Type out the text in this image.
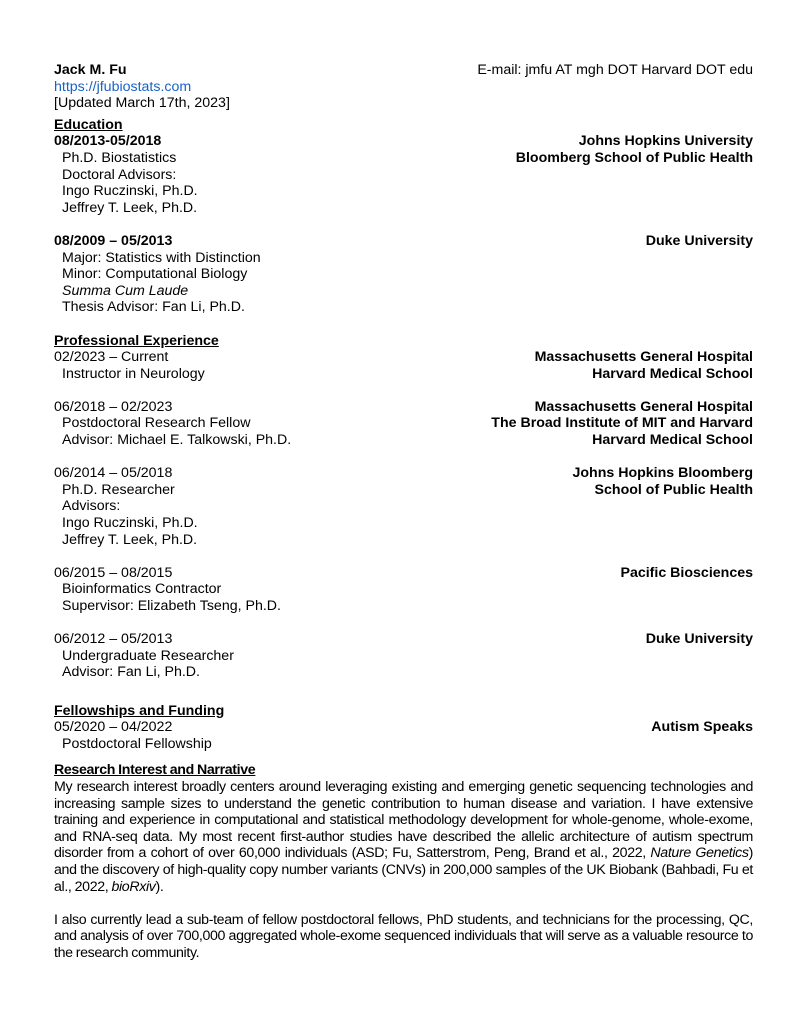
Jack M. Fu
https://jfubiostats.com
[Updated March 17th, 2023]
E-mail: jmfu AT mgh DOT Harvard DOT edu
Education
08/2013-05/2018
Ph.D. Biostatistics
Doctoral Advisors:
Ingo Ruczinski, Ph.D.
Jeffrey T. Leek, Ph.D.
Johns Hopkins University
Bloomberg School of Public Health
08/2009 – 05/2013
Major: Statistics with Distinction
Minor: Computational Biology
Summa Cum Laude
Thesis Advisor: Fan Li, Ph.D.
Duke University
Professional Experience
02/2023 – Current
Instructor in Neurology
Massachusetts General Hospital
Harvard Medical School
06/2018 – 02/2023
Postdoctoral Research Fellow
Advisor: Michael E. Talkowski, Ph.D.
Massachusetts General Hospital
The Broad Institute of MIT and Harvard
Harvard Medical School
06/2014 – 05/2018
Ph.D. Researcher
Advisors:
Ingo Ruczinski, Ph.D.
Jeffrey T. Leek, Ph.D.
Johns Hopkins Bloomberg
School of Public Health
06/2015 – 08/2015
Bioinformatics Contractor
Supervisor: Elizabeth Tseng, Ph.D.
Pacific Biosciences
06/2012 – 05/2013
Undergraduate Researcher
Advisor: Fan Li, Ph.D.
Duke University
Fellowships and Funding
05/2020 – 04/2022
Postdoctoral Fellowship
Autism Speaks
Research Interest and Narrative
My research interest broadly centers around leveraging existing and emerging genetic sequencing technologies and increasing sample sizes to understand the genetic contribution to human disease and variation. I have extensive training and experience in computational and statistical methodology development for whole-genome, whole-exome, and RNA-seq data. My most recent first-author studies have described the allelic architecture of autism spectrum disorder from a cohort of over 60,000 individuals (ASD; Fu, Satterstrom, Peng, Brand et al., 2022, Nature Genetics) and the discovery of high-quality copy number variants (CNVs) in 200,000 samples of the UK Biobank (Bahbadi, Fu et al., 2022, bioRxiv).
I also currently lead a sub-team of fellow postdoctoral fellows, PhD students, and technicians for the processing, QC, and analysis of over 700,000 aggregated whole-exome sequenced individuals that will serve as a valuable resource to the research community.
